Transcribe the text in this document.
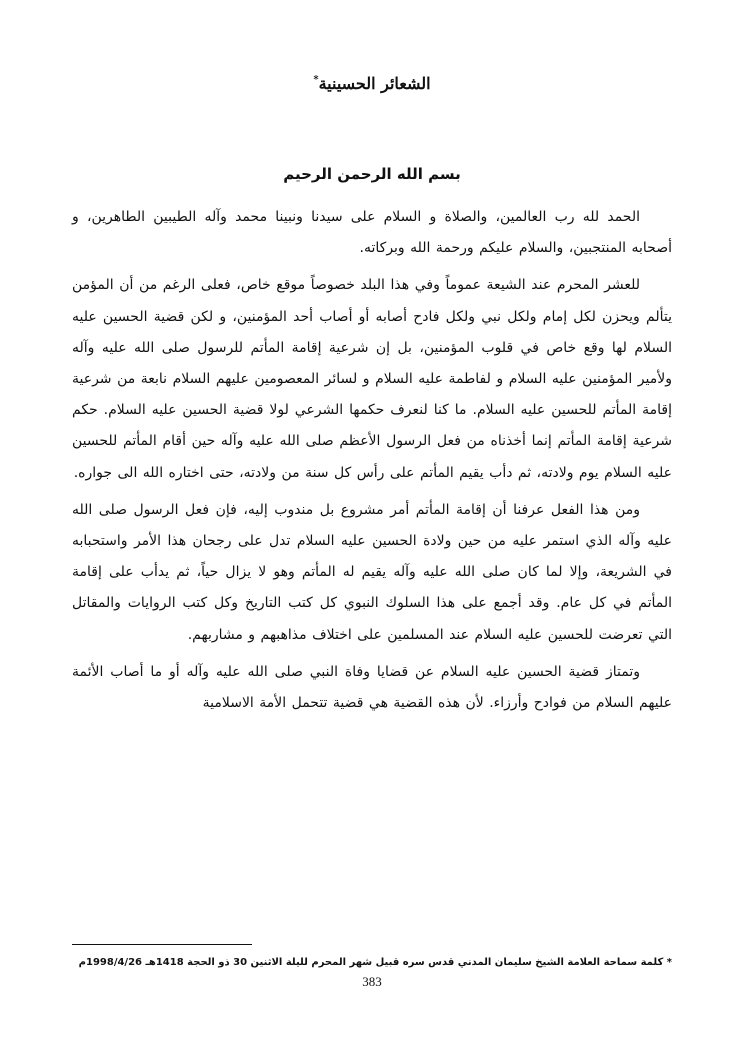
الشعائر الحسينية*
بسم الله الرحمن الرحيم

الحمد لله رب العالمين، والصلاة و السلام على سيدنا ونبينا محمد وآله الطيبين الطاهرين، و أصحابه المنتجبين، والسلام عليكم ورحمة الله وبركاته.

للعشر المحرم عند الشيعة عموماً وفي هذا البلد خصوصاً موقع خاص، فعلى الرغم من أن المؤمن يتألم ويحزن لكل إمام ولكل نبي ولكل فادح أصابه أو أصاب أحد المؤمنين، و لكن قضية الحسين عليه السلام لها وقع خاص في قلوب المؤمنين، بل إن شرعية إقامة المأتم للرسول صلى الله عليه وآله ولأمير المؤمنين عليه السلام و لفاطمة عليه السلام و لسائر المعصومين عليهم السلام نابعة من شرعية إقامة المأتم للحسين عليه السلام. ما كنا لنعرف حكمها الشرعي لولا قضية الحسين عليه السلام. حكم شرعية إقامة المأتم إنما أخذناه من فعل الرسول الأعظم صلى الله عليه وآله حين أقام المأتم للحسين عليه السلام يوم ولادته، ثم دأب يقيم المأتم على رأس كل سنة من ولادته، حتى اختاره الله الى جواره.

ومن هذا الفعل عرفنا أن إقامة المأتم أمر مشروع بل مندوب إليه، فإن فعل الرسول صلى الله عليه وآله الذي استمر عليه من حين ولادة الحسين عليه السلام تدل على رجحان هذا الأمر واستحبابه في الشريعة، وإلا لما كان صلى الله عليه وآله يقيم له المأتم وهو لا يزال حياً، ثم يدأب على إقامة المأتم في كل عام. وقد أجمع على هذا السلوك النبوي كل كتب التاريخ وكل كتب الروايات والمقاتل التي تعرضت للحسين عليه السلام عند المسلمين على اختلاف مذاهبهم و مشاربهم.

وتمتاز قضية الحسين عليه السلام عن قضايا وفاة النبي صلى الله عليه وآله أو ما أصاب الأئمة عليهم السلام من فوادح وأرزاء. لأن هذه القضية هي قضية تتحمل الأمة الاسلامية

* كلمة سماحة العلامة الشيخ سليمان المدني قدس سره قبيل شهر المحرم لليلة الاثنين 30 ذو الحجة 1418هـ 1998/4/26م
383
